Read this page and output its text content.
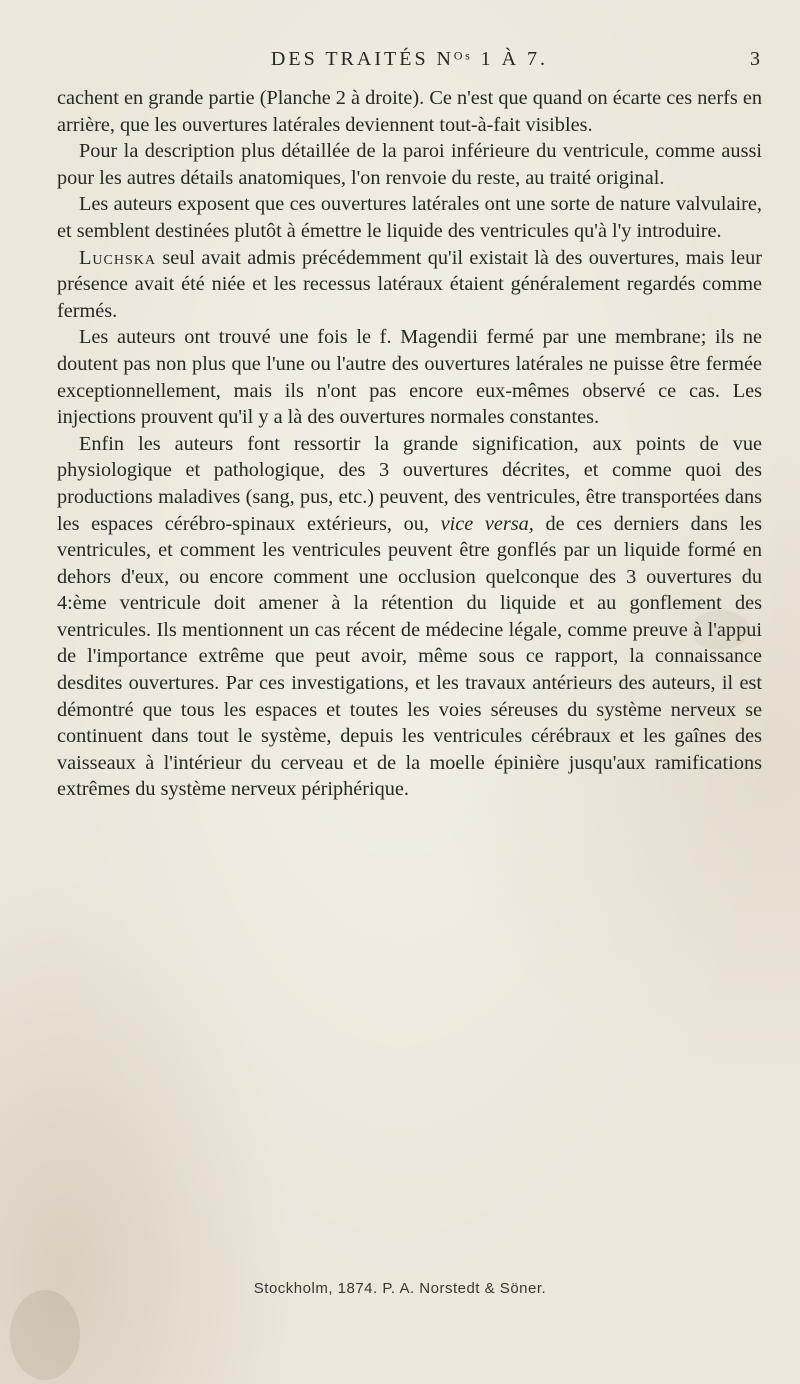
DES TRAITÉS Nᴼˢ 1 À 7.	3

cachent en grande partie (Planche 2 à droite). Ce n'est que quand on écarte ces nerfs en arrière, que les ouvertures latérales deviennent tout-à-fait visibles.

Pour la description plus détaillée de la paroi inférieure du ventricule, comme aussi pour les autres détails anatomiques, l'on renvoie du reste, au traité original.

Les auteurs exposent que ces ouvertures latérales ont une sorte de nature valvulaire, et semblent destinées plutôt à émettre le liquide des ventricules qu'à l'y introduire.

Luchska seul avait admis précédemment qu'il existait là des ouvertures, mais leur présence avait été niée et les recessus latéraux étaient généralement regardés comme fermés.

Les auteurs ont trouvé une fois le f. Magendii fermé par une membrane; ils ne doutent pas non plus que l'une ou l'autre des ouvertures latérales ne puisse être fermée exceptionnellement, mais ils n'ont pas encore eux-mêmes observé ce cas. Les injections prouvent qu'il y a là des ouvertures normales constantes.

Enfin les auteurs font ressortir la grande signification, aux points de vue physiologique et pathologique, des 3 ouvertures décrites, et comme quoi des productions maladives (sang, pus, etc.) peuvent, des ventricules, être transportées dans les espaces cérébro-spinaux extérieurs, ou, vice versa, de ces derniers dans les ventricules, et comment les ventricules peuvent être gonflés par un liquide formé en dehors d'eux, ou encore comment une occlusion quelconque des 3 ouvertures du 4:ème ventricule doit amener à la rétention du liquide et au gonflement des ventricules. Ils mentionnent un cas récent de médecine légale, comme preuve à l'appui de l'importance extrême que peut avoir, même sous ce rapport, la connaissance desdites ouvertures. Par ces investigations, et les travaux antérieurs des auteurs, il est démontré que tous les espaces et toutes les voies séreuses du système nerveux se continuent dans tout le système, depuis les ventricules cérébraux et les gaînes des vaisseaux à l'intérieur du cerveau et de la moelle épinière jusqu'aux ramifications extrêmes du système nerveux périphérique.

Stockholm, 1874. P. A. Norstedt & Söner.
